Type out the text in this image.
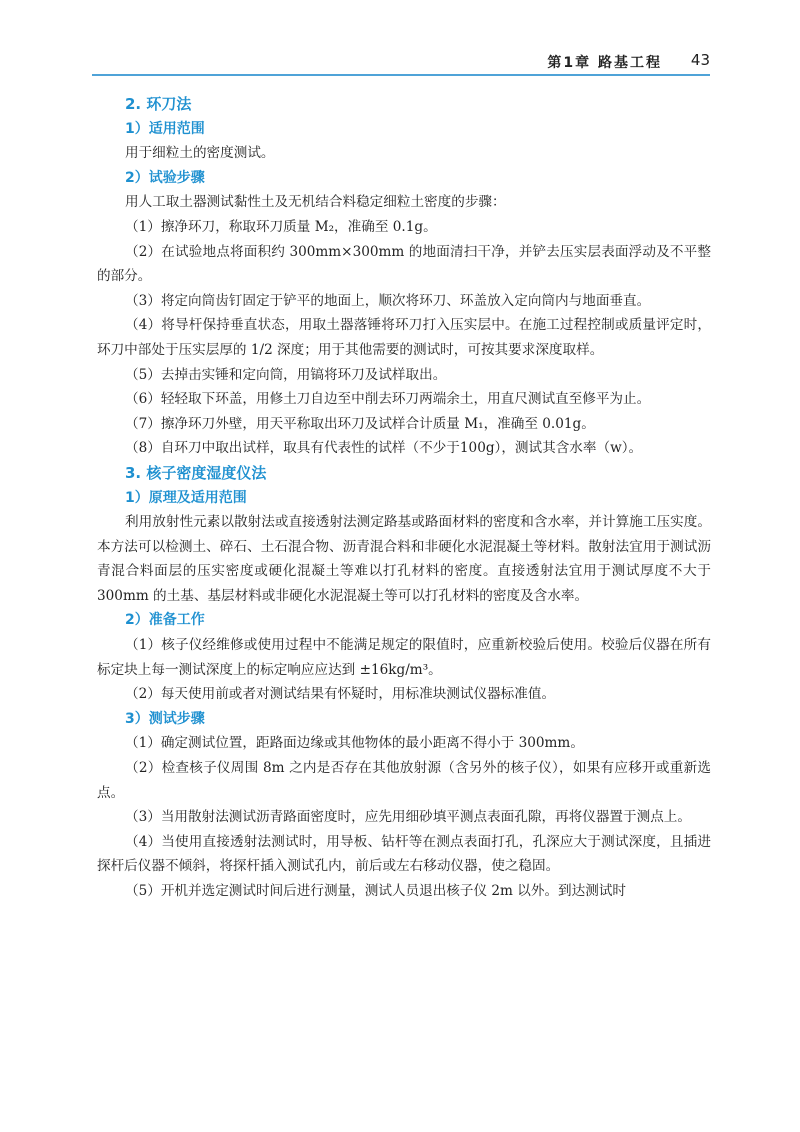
第1章 路基工程 43
2. 环刀法
1）适用范围

用于细粒土的密度测试。

2）试验步骤

用人工取土器测试黏性土及无机结合料稳定细粒土密度的步骤：

（1）擦净环刀，称取环刀质量 M₂，准确至 0.1g。

（2）在试验地点将面积约 300mm×300mm 的地面清扫干净，并铲去压实层表面浮动及不平整的部分。

（3）将定向筒齿钉固定于铲平的地面上，顺次将环刀、环盖放入定向筒内与地面垂直。

（4）将导杆保持垂直状态，用取土器落锤将环刀打入压实层中。在施工过程控制或质量评定时，环刀中部处于压实层厚的 1/2 深度；用于其他需要的测试时，可按其要求深度取样。

（5）去掉击实锤和定向筒，用镐将环刀及试样取出。

（6）轻轻取下环盖，用修土刀自边至中削去环刀两端余土，用直尺测试直至修平为止。

（7）擦净环刀外壁，用天平称取出环刀及试样合计质量 M₁，准确至 0.01g。

（8）自环刀中取出试样，取具有代表性的试样（不少于100g），测试其含水率（w）。

3. 核子密度湿度仪法
1）原理及适用范围

利用放射性元素以散射法或直接透射法测定路基或路面材料的密度和含水率，并计算施工压实度。本方法可以检测土、碎石、土石混合物、沥青混合料和非硬化水泥混凝土等材料。散射法宜用于测试沥青混合料面层的压实密度或硬化混凝土等难以打孔材料的密度。直接透射法宜用于测试厚度不大于 300mm 的土基、基层材料或非硬化水泥混凝土等可以打孔材料的密度及含水率。

2）准备工作

（1）核子仪经维修或使用过程中不能满足规定的限值时，应重新校验后使用。校验后仪器在所有标定块上每一测试深度上的标定响应应达到 ±16kg/m³。

（2）每天使用前或者对测试结果有怀疑时，用标准块测试仪器标准值。

3）测试步骤

（1）确定测试位置，距路面边缘或其他物体的最小距离不得小于 300mm。

（2）检查核子仪周围 8m 之内是否存在其他放射源（含另外的核子仪），如果有应移开或重新选点。

（3）当用散射法测试沥青路面密度时，应先用细砂填平测点表面孔隙，再将仪器置于测点上。

（4）当使用直接透射法测试时，用导板、钻杆等在测点表面打孔，孔深应大于测试深度，且插进探杆后仪器不倾斜，将探杆插入测试孔内，前后或左右移动仪器，使之稳固。

（5）开机并选定测试时间后进行测量，测试人员退出核子仪 2m 以外。到达测试时
